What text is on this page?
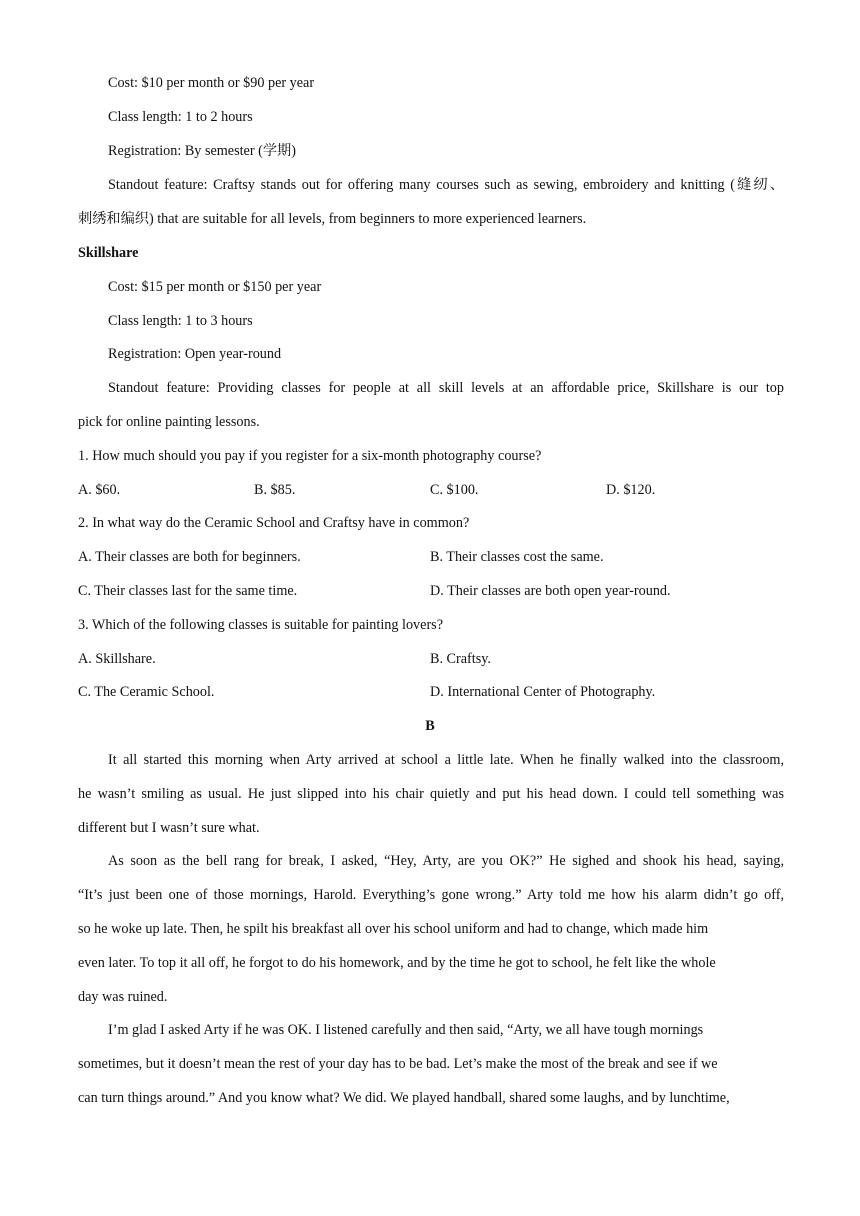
Cost: $10 per month or $90 per year
Class length: 1 to 2 hours
Registration: By semester (学期)
Standout feature: Craftsy stands out for offering many courses such as sewing, embroidery and knitting (缝纫、
刺绣和编织) that are suitable for all levels, from beginners to more experienced learners.
Skillshare
Cost: $15 per month or $150 per year
Class length: 1 to 3 hours
Registration: Open year-round
Standout feature: Providing classes for people at all skill levels at an affordable price, Skillshare is our top
pick for online painting lessons.
1. How much should you pay if you register for a six-month photography course?
A. $60.	B. $85.	C. $100.	D. $120.
2. In what way do the Ceramic School and Craftsy have in common?
A. Their classes are both for beginners.	B. Their classes cost the same.
C. Their classes last for the same time.	D. Their classes are both open year-round.
3. Which of the following classes is suitable for painting lovers?
A. Skillshare.	B. Craftsy.
C. The Ceramic School.	D. International Center of Photography.
B
It all started this morning when Arty arrived at school a little late. When he finally walked into the classroom,
he wasn’t smiling as usual. He just slipped into his chair quietly and put his head down. I could tell something was
different but I wasn’t sure what.
As soon as the bell rang for break, I asked, “Hey, Arty, are you OK?” He sighed and shook his head, saying,
“It’s just been one of those mornings, Harold. Everything’s gone wrong.” Arty told me how his alarm didn’t go off,
so he woke up late. Then, he spilt his breakfast all over his school uniform and had to change, which made him
even later. To top it all off, he forgot to do his homework, and by the time he got to school, he felt like the whole
day was ruined.
I’m glad I asked Arty if he was OK. I listened carefully and then said, “Arty, we all have tough mornings
sometimes, but it doesn’t mean the rest of your day has to be bad. Let’s make the most of the break and see if we
can turn things around.” And you know what? We did. We played handball, shared some laughs, and by lunchtime,
